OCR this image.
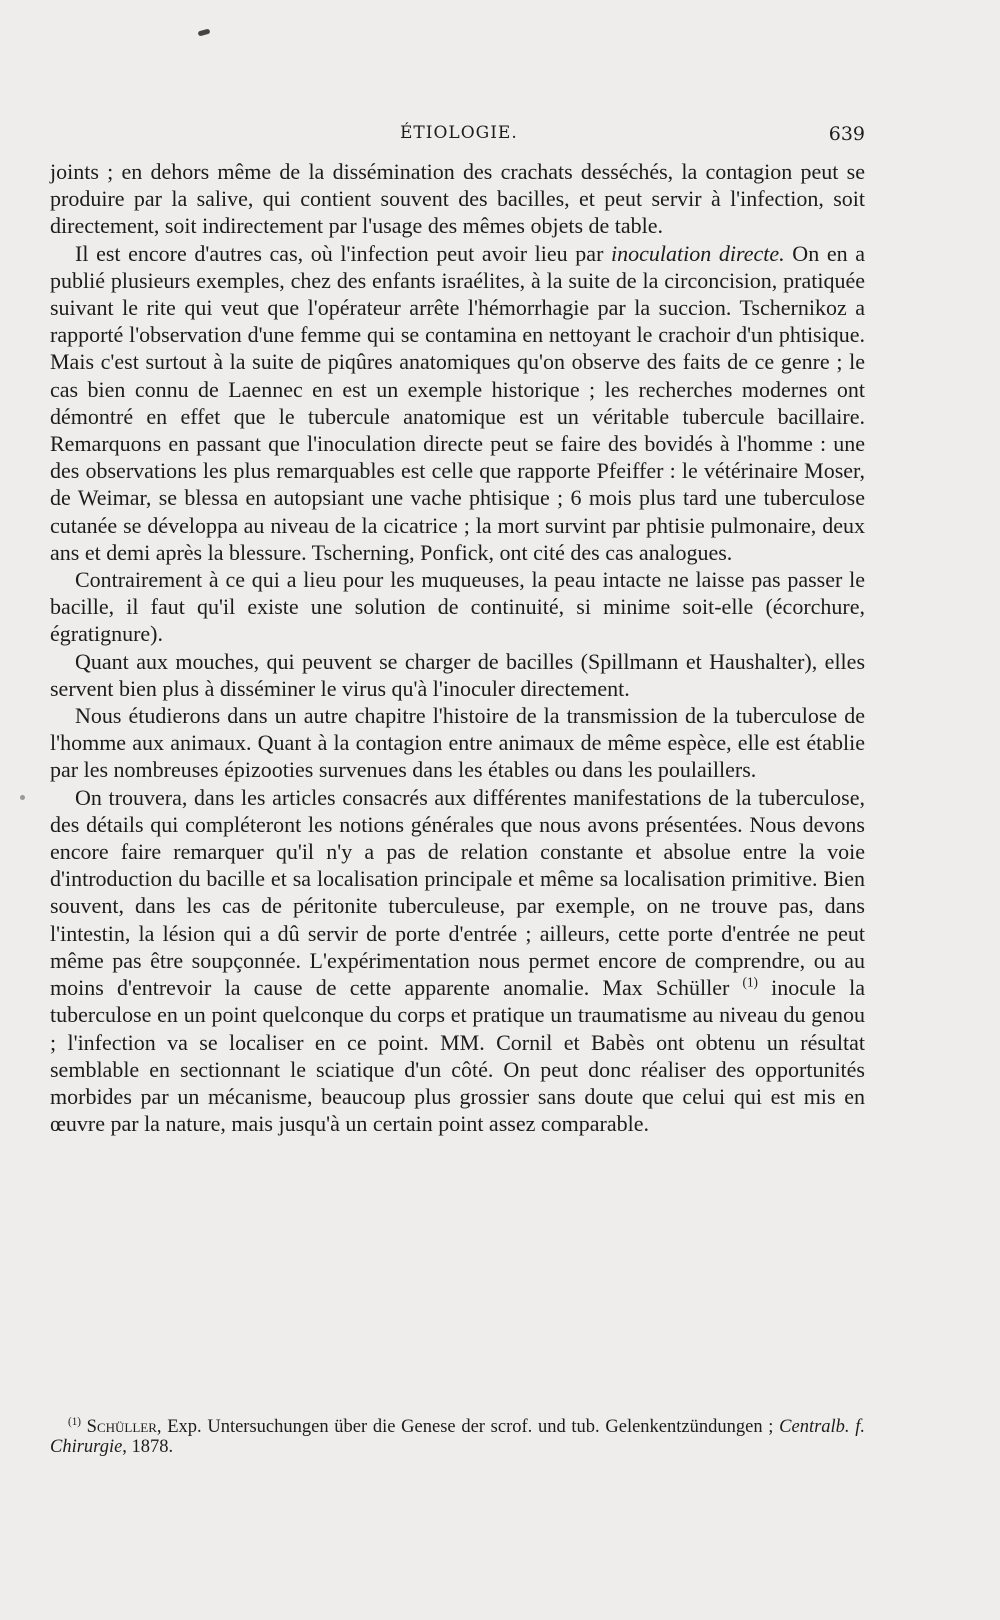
ÉTIOLOGIE.	639

joints ; en dehors même de la dissémination des crachats desséchés, la contagion peut se produire par la salive, qui contient souvent des bacilles, et peut servir à l'infection, soit directement, soit indirectement par l'usage des mêmes objets de table.

Il est encore d'autres cas, où l'infection peut avoir lieu par inoculation directe. On en a publié plusieurs exemples, chez des enfants israélites, à la suite de la circoncision, pratiquée suivant le rite qui veut que l'opérateur arrête l'hémorrhagie par la succion. Tschernikoz a rapporté l'observation d'une femme qui se contamina en nettoyant le crachoir d'un phtisique. Mais c'est surtout à la suite de piqûres anatomiques qu'on observe des faits de ce genre ; le cas bien connu de Laennec en est un exemple historique ; les recherches modernes ont démontré en effet que le tubercule anatomique est un véritable tubercule bacillaire. Remarquons en passant que l'inoculation directe peut se faire des bovidés à l'homme : une des observations les plus remarquables est celle que rapporte Pfeiffer : le vétérinaire Moser, de Weimar, se blessa en autopsiant une vache phtisique ; 6 mois plus tard une tuberculose cutanée se développa au niveau de la cicatrice ; la mort survint par phtisie pulmonaire, deux ans et demi après la blessure. Tscherning, Ponfick, ont cité des cas analogues.

Contrairement à ce qui a lieu pour les muqueuses, la peau intacte ne laisse pas passer le bacille, il faut qu'il existe une solution de continuité, si minime soit-elle (écorchure, égratignure).

Quant aux mouches, qui peuvent se charger de bacilles (Spillmann et Haushalter), elles servent bien plus à disséminer le virus qu'à l'inoculer directement.

Nous étudierons dans un autre chapitre l'histoire de la transmission de la tuberculose de l'homme aux animaux. Quant à la contagion entre animaux de même espèce, elle est établie par les nombreuses épizooties survenues dans les étables ou dans les poulaillers.

On trouvera, dans les articles consacrés aux différentes manifestations de la tuberculose, des détails qui compléteront les notions générales que nous avons présentées. Nous devons encore faire remarquer qu'il n'y a pas de relation constante et absolue entre la voie d'introduction du bacille et sa localisation principale et même sa localisation primitive. Bien souvent, dans les cas de péritonite tuberculeuse, par exemple, on ne trouve pas, dans l'intestin, la lésion qui a dû servir de porte d'entrée ; ailleurs, cette porte d'entrée ne peut même pas être soupçonnée. L'expérimentation nous permet encore de comprendre, ou au moins d'entrevoir la cause de cette apparente anomalie. Max Schüller $^{(1)}$ inocule la tuberculose en un point quelconque du corps et pratique un traumatisme au niveau du genou ; l'infection va se localiser en ce point. MM. Cornil et Babès ont obtenu un résultat semblable en sectionnant le sciatique d'un côté. On peut donc réaliser des opportunités morbides par un mécanisme, beaucoup plus grossier sans doute que celui qui est mis en œuvre par la nature, mais jusqu'à un certain point assez comparable.

$^{(1)}$ Schüller, Exp. Untersuchungen über die Genese der scrof. und tub. Gelenkentzündungen ; Centralb. f. Chirurgie, 1878.
